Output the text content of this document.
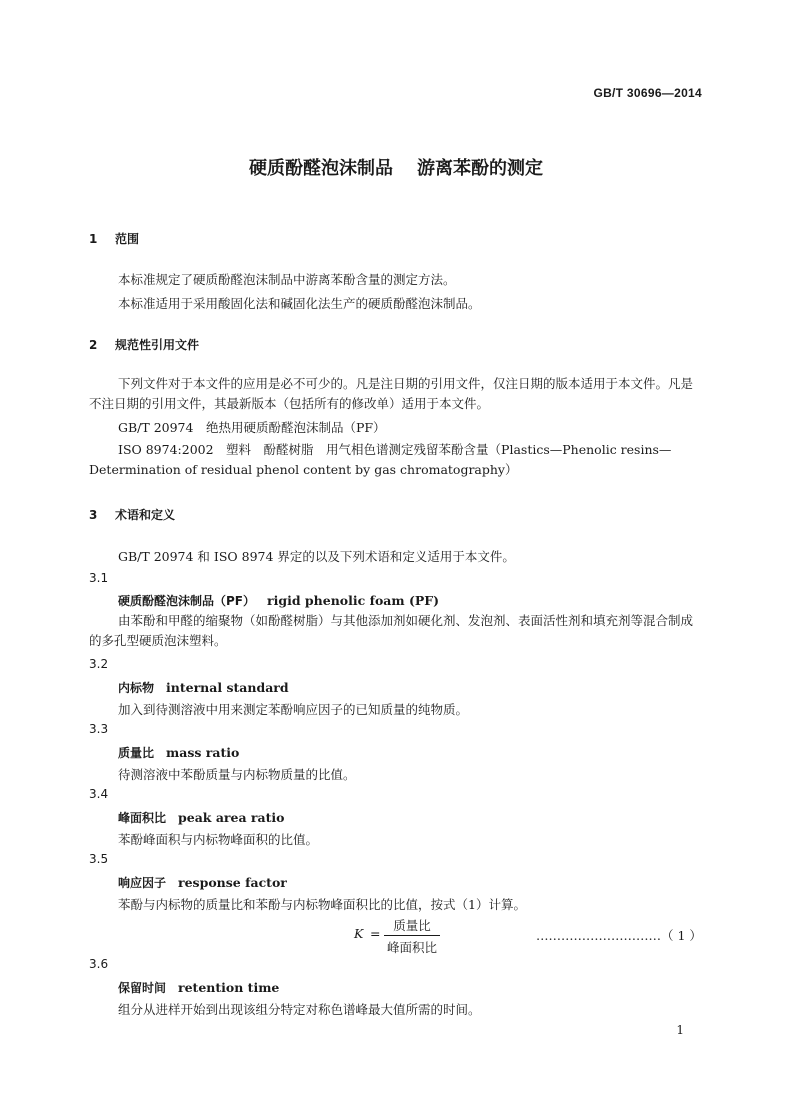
GB/T 30696—2014
硬质酚醛泡沫制品 游离苯酚的测定
1 范围
本标准规定了硬质酚醛泡沫制品中游离苯酚含量的测定方法。
本标准适用于采用酸固化法和碱固化法生产的硬质酚醛泡沫制品。
2 规范性引用文件
下列文件对于本文件的应用是必不可少的。凡是注日期的引用文件，仅注日期的版本适用于本文件。凡是不注日期的引用文件，其最新版本（包括所有的修改单）适用于本文件。
GB/T 20974　绝热用硬质酚醛泡沫制品（PF）
ISO 8974:2002　塑料　酚醛树脂　用气相色谱测定残留苯酚含量（Plastics—Phenolic resins—Determination of residual phenol content by gas chromatography）
3 术语和定义
GB/T 20974 和 ISO 8974 界定的以及下列术语和定义适用于本文件。
3.1
硬质酚醛泡沫制品（PF） rigid phenolic foam (PF)
由苯酚和甲醛的缩聚物（如酚醛树脂）与其他添加剂如硬化剂、发泡剂、表面活性剂和填充剂等混合制成的多孔型硬质泡沫塑料。
3.2
内标物 internal standard
加入到待测溶液中用来测定苯酚响应因子的已知质量的纯物质。
3.3
质量比 mass ratio
待测溶液中苯酚质量与内标物质量的比值。
3.4
峰面积比 peak area ratio
苯酚峰面积与内标物峰面积的比值。
3.5
响应因子 response factor
苯酚与内标物的质量比和苯酚与内标物峰面积比的比值，按式（1）计算。
K =
质量比
峰面积比
…………………………（ 1 ）
3.6
保留时间 retention time
组分从进样开始到出现该组分特定对称色谱峰最大值所需的时间。
1
